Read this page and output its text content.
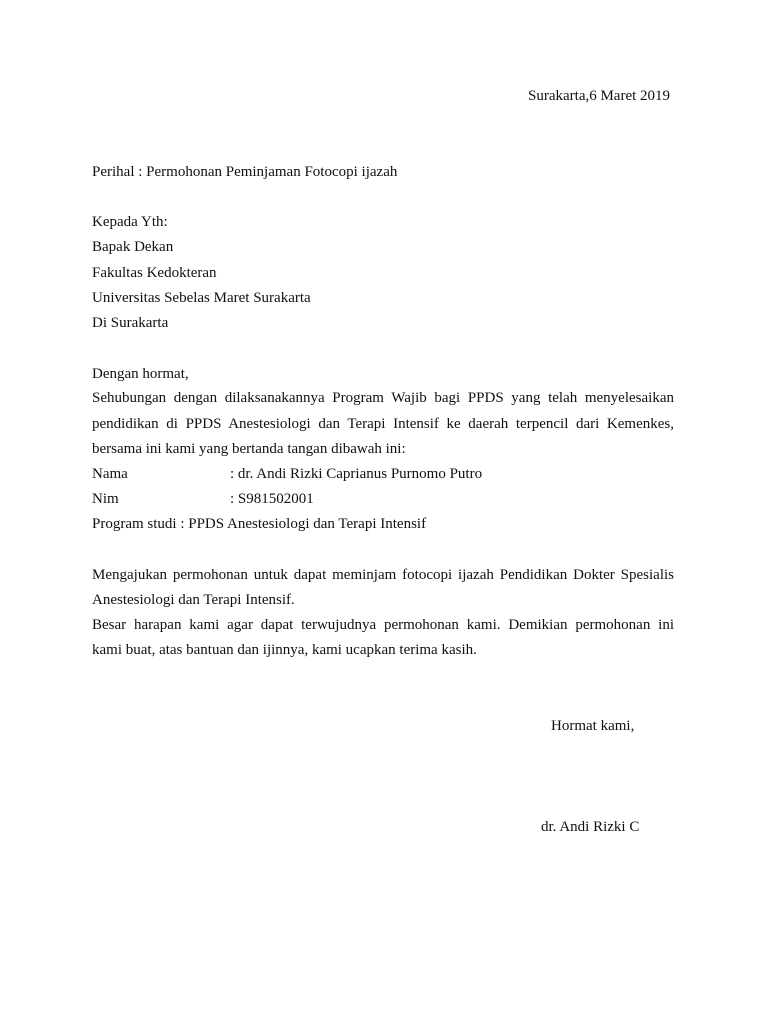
Surakarta,6 Maret 2019
Perihal : Permohonan Peminjaman Fotocopi ijazah
Kepada Yth:
Bapak Dekan
Fakultas Kedokteran
Universitas Sebelas Maret Surakarta
Di Surakarta
Dengan hormat,
Sehubungan dengan dilaksanakannya Program Wajib bagi PPDS yang telah menyelesaikan
pendidikan di PPDS Anestesiologi dan Terapi Intensif ke daerah terpencil dari Kemenkes,
bersama ini kami yang bertanda tangan dibawah ini:
Nama	: dr. Andi Rizki Caprianus Purnomo Putro
Nim	: S981502001
Program studi : PPDS Anestesiologi dan Terapi Intensif
Mengajukan permohonan untuk dapat meminjam fotocopi ijazah Pendidikan Dokter Spesialis
Anestesiologi dan Terapi Intensif.
Besar harapan kami agar dapat terwujudnya permohonan kami. Demikian permohonan ini
kami buat, atas bantuan dan ijinnya, kami ucapkan terima kasih.
Hormat kami,
dr. Andi Rizki C
